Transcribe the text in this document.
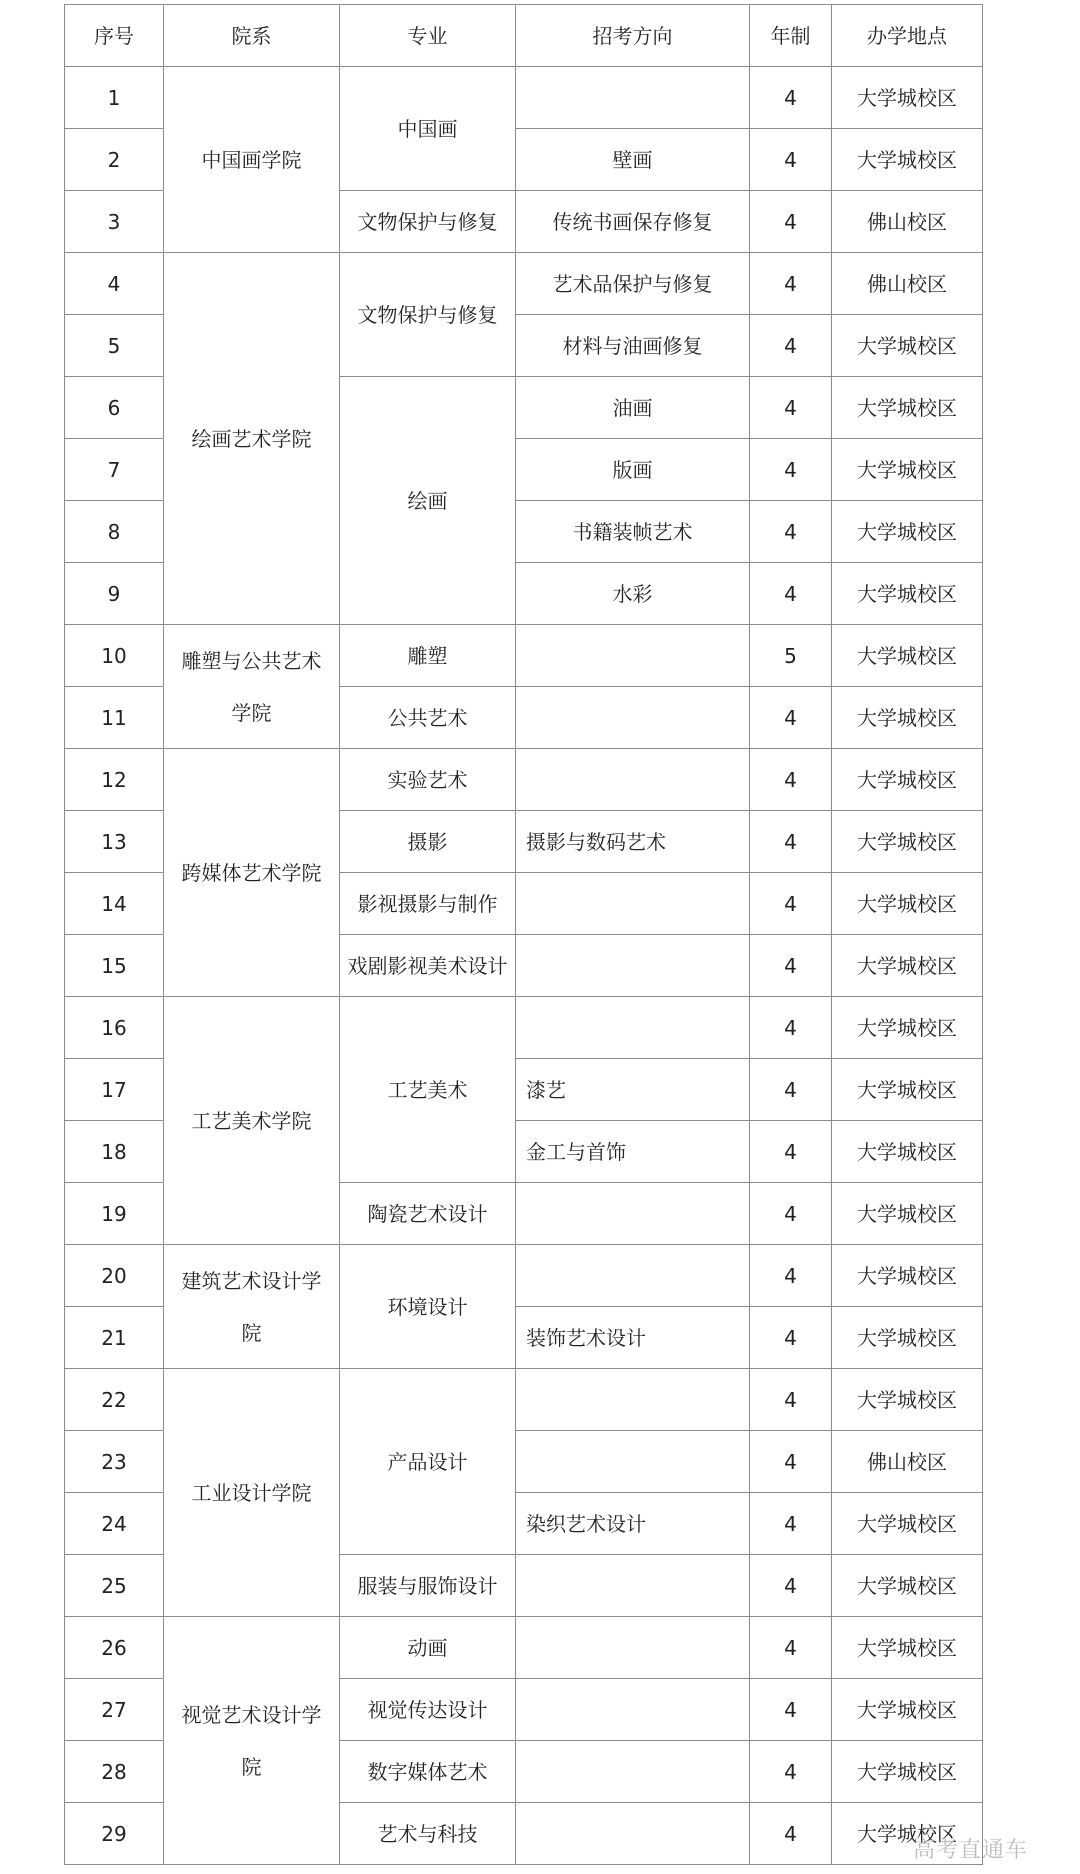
序号	院系	专业	招考方向	年制	办学地点
1	中国画学院	中国画		4	大学城校区
2			壁画	4	大学城校区
3		文物保护与修复	传统书画保存修复	4	佛山校区
4	绘画艺术学院	文物保护与修复	艺术品保护与修复	4	佛山校区
5			材料与油画修复	4	大学城校区
6		绘画	油画	4	大学城校区
7			版画	4	大学城校区
8			书籍装帧艺术	4	大学城校区
9			水彩	4	大学城校区
10	雕塑与公共艺术学院	雕塑		5	大学城校区
11		公共艺术		4	大学城校区
12	跨媒体艺术学院	实验艺术		4	大学城校区
13		摄影	摄影与数码艺术	4	大学城校区
14		影视摄影与制作		4	大学城校区
15		戏剧影视美术设计		4	大学城校区
16	工艺美术学院	工艺美术		4	大学城校区
17			漆艺	4	大学城校区
18			金工与首饰	4	大学城校区
19		陶瓷艺术设计		4	大学城校区
20	建筑艺术设计学院	环境设计		4	大学城校区
21			装饰艺术设计	4	大学城校区
22	工业设计学院	产品设计		4	大学城校区
23				4	佛山校区
24			染织艺术设计	4	大学城校区
25		服装与服饰设计		4	大学城校区
26	视觉艺术设计学院	动画		4	大学城校区
27		视觉传达设计		4	大学城校区
28		数字媒体艺术		4	大学城校区
29		艺术与科技		4	大学城校区
高考直通车
